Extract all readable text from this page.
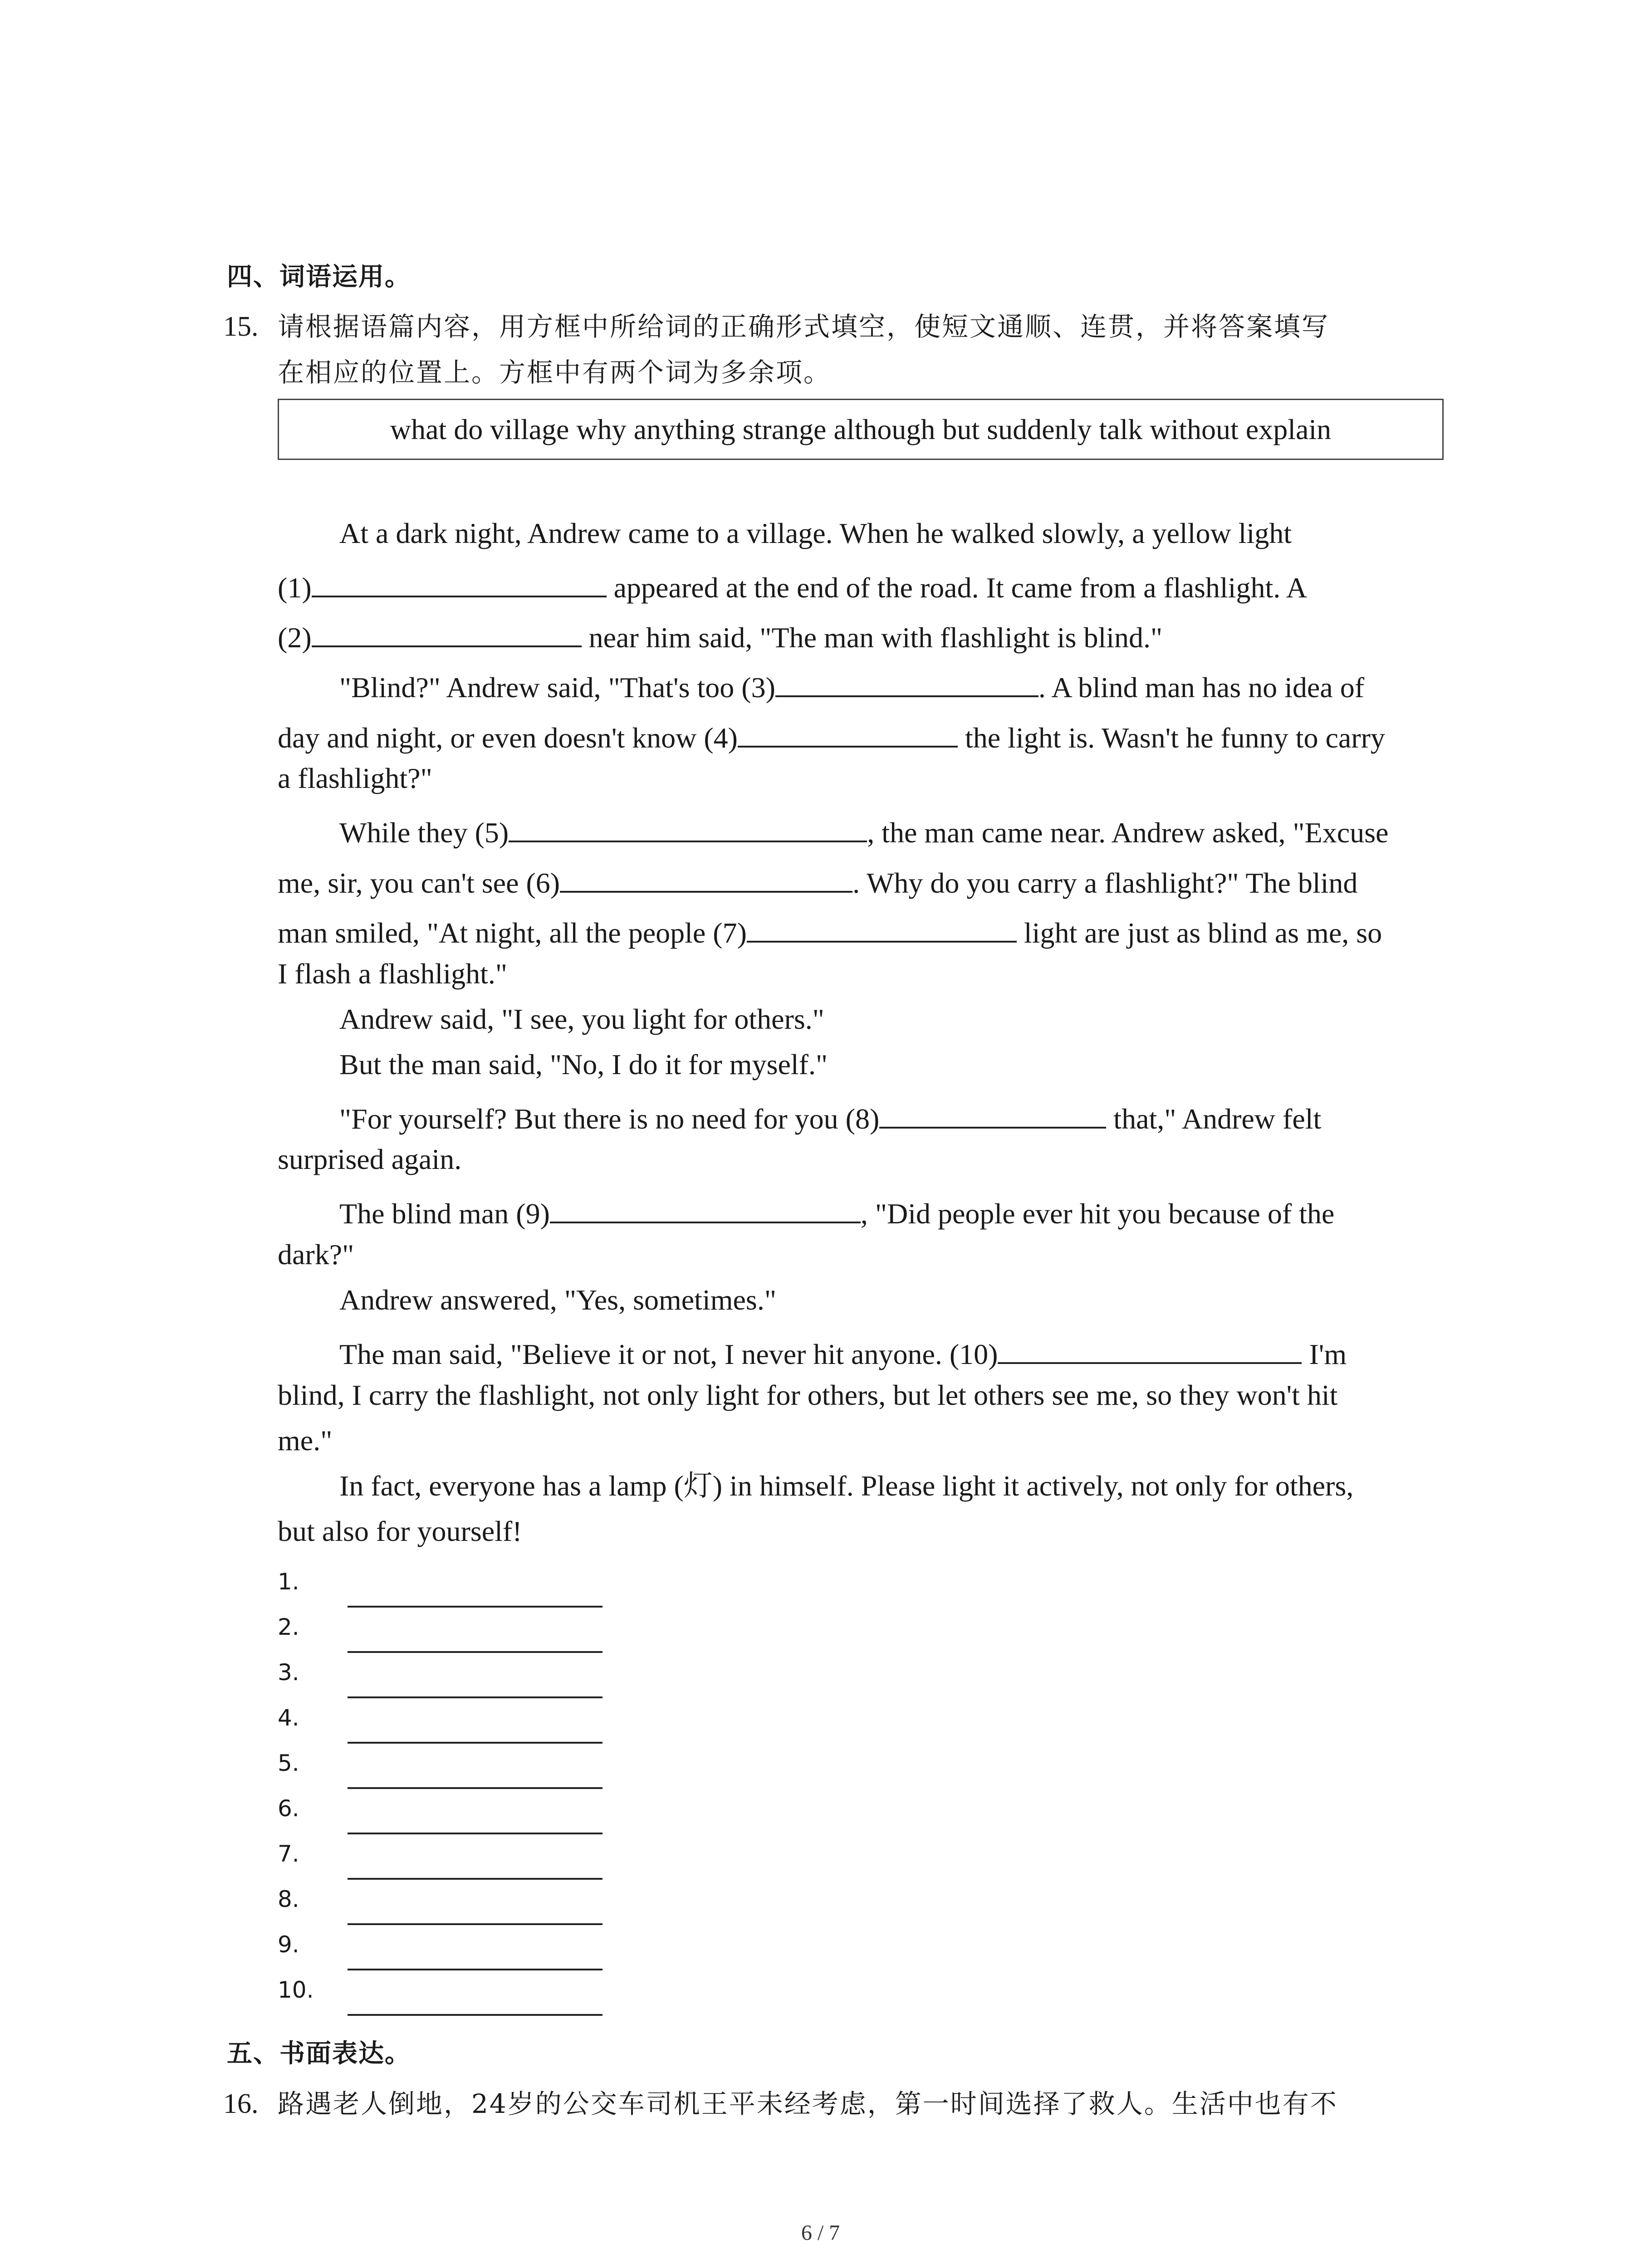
四、词语运用。
15. 请根据语篇内容，用方框中所给词的正确形式填空，使短文通顺、连贯，并将答案填写
在相应的位置上。方框中有两个词为多余项。
what do village why anything strange although but suddenly talk without explain
At a dark night, Andrew came to a village. When he walked slowly, a yellow light
(1)	appeared at the end of the road. It came from a flashlight. A
(2)	near him said, "The man with flashlight is blind."
"Blind?" Andrew said, "That's too (3)	. A blind man has no idea of
day and night, or even doesn't know (4)	the light is. Wasn't he funny to carry
a flashlight?"
While they (5)	, the man came near. Andrew asked, "Excuse
me, sir, you can't see (6)	. Why do you carry a flashlight?" The blind
man smiled, "At night, all the people (7)	light are just as blind as me, so
I flash a flashlight."
Andrew said, "I see, you light for others."
But the man said, "No, I do it for myself."
"For yourself? But there is no need for you (8)	that," Andrew felt
surprised again.
The blind man (9)	, "Did people ever hit you because of the
dark?"
Andrew answered, "Yes, sometimes."
The man said, "Believe it or not, I never hit anyone. (10)	I'm
blind, I carry the flashlight, not only light for others, but let others see me, so they won't hit
me."
In fact, everyone has a lamp (灯) in himself. Please light it actively, not only for others,
but also for yourself!
1.
2.
3.
4.
5.
6.
7.
8.
9.
10.
五、书面表达。
16. 路遇老人倒地，24岁的公交车司机王平未经考虑，第一时间选择了救人。生活中也有不
6 / 7
